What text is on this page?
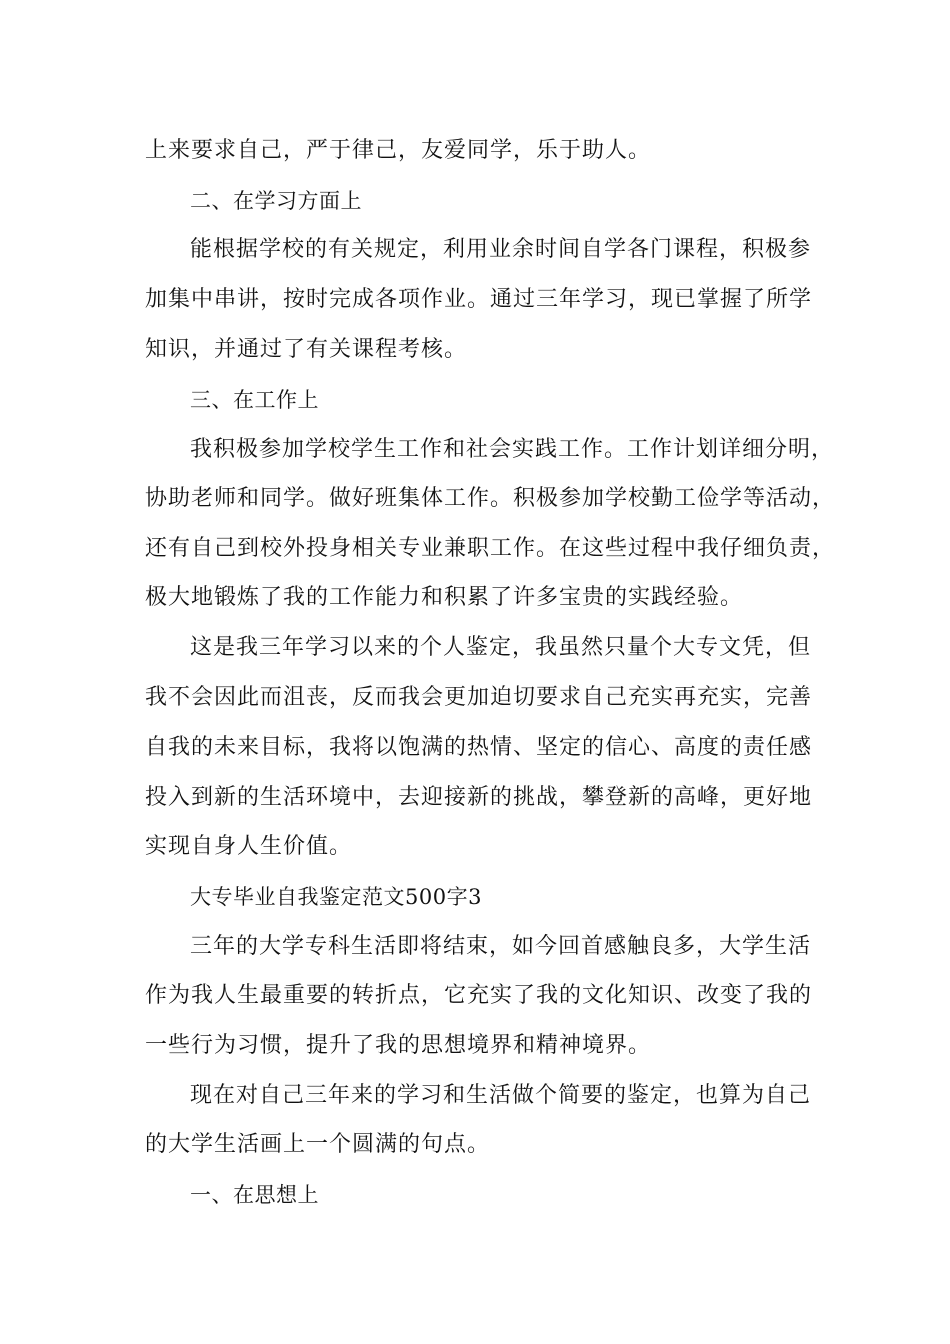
上来要求自己，严于律己，友爱同学，乐于助人。
二、在学习方面上
能根据学校的有关规定，利用业余时间自学各门课程，积极参
加集中串讲，按时完成各项作业。通过三年学习，现已掌握了所学
知识，并通过了有关课程考核。
三、在工作上
我积极参加学校学生工作和社会实践工作。工作计划详细分明，
协助老师和同学。做好班集体工作。积极参加学校勤工俭学等活动，
还有自己到校外投身相关专业兼职工作。在这些过程中我仔细负责，
极大地锻炼了我的工作能力和积累了许多宝贵的实践经验。
这是我三年学习以来的个人鉴定，我虽然只量个大专文凭，但
我不会因此而沮丧，反而我会更加迫切要求自己充实再充实，完善
自我的未来目标，我将以饱满的热情、坚定的信心、高度的责任感
投入到新的生活环境中，去迎接新的挑战，攀登新的高峰，更好地
实现自身人生价值。
大专毕业自我鉴定范文500字3
三年的大学专科生活即将结束，如今回首感触良多，大学生活
作为我人生最重要的转折点，它充实了我的文化知识、改变了我的
一些行为习惯，提升了我的思想境界和精神境界。
现在对自己三年来的学习和生活做个简要的鉴定，也算为自己
的大学生活画上一个圆满的句点。
一、在思想上
